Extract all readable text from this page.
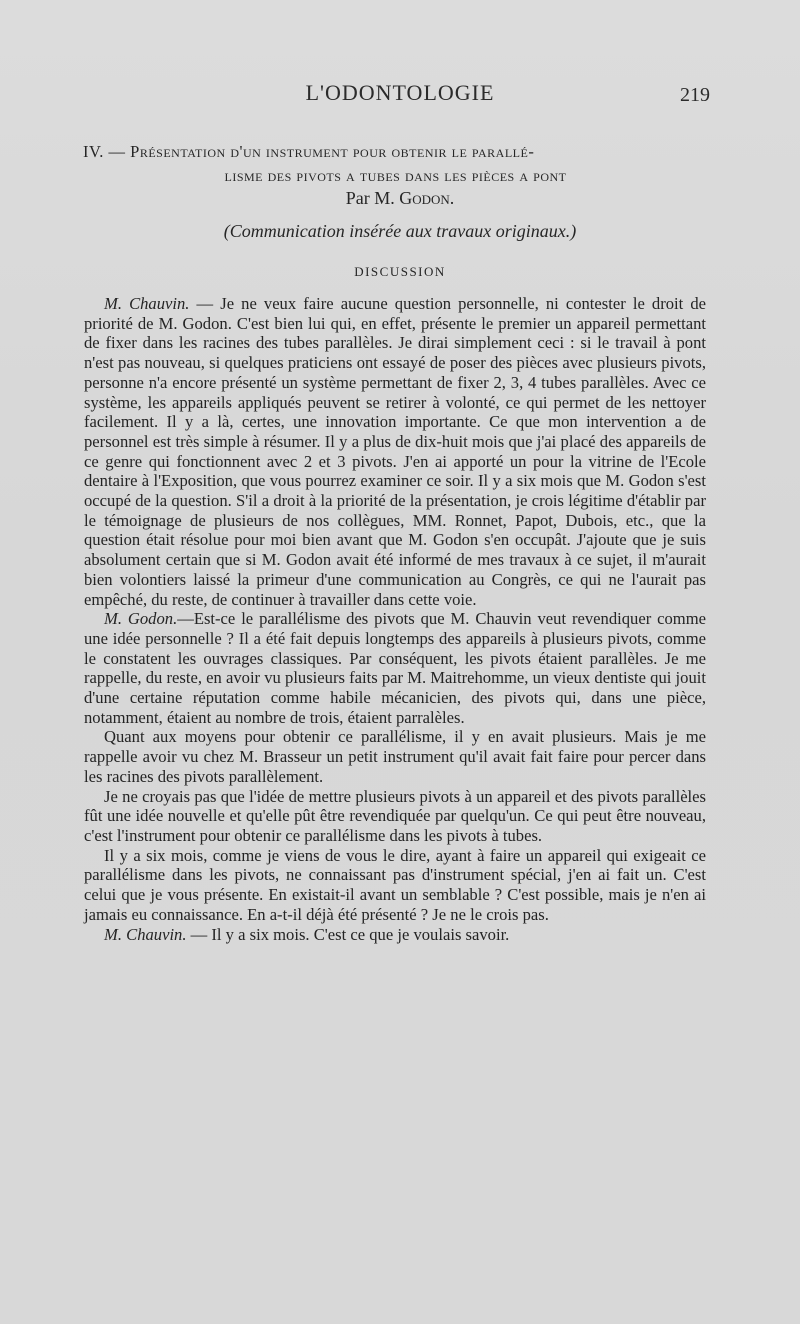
L'ODONTOLOGIE	219
IV. — Présentation d'un instrument pour obtenir le parallé-
lisme des pivots a tubes dans les pièces a pont
Par M. Godon.
(Communication insérée aux travaux originaux.)
DISCUSSION

M. Chauvin. — Je ne veux faire aucune question personnelle, ni contester le droit de priorité de M. Godon. C'est bien lui qui, en effet, présente le premier un appareil permettant de fixer dans les racines des tubes parallèles. Je dirai simplement ceci : si le travail à pont n'est pas nouveau, si quelques praticiens ont essayé de poser des pièces avec plusieurs pivots, personne n'a encore présenté un système permettant de fixer 2, 3, 4 tubes parallèles. Avec ce système, les appareils appliqués peuvent se retirer à volonté, ce qui permet de les nettoyer facilement. Il y a là, certes, une innovation importante. Ce que mon intervention a de personnel est très simple à résumer. Il y a plus de dix-huit mois que j'ai placé des appareils de ce genre qui fonctionnent avec 2 et 3 pivots. J'en ai apporté un pour la vitrine de l'Ecole dentaire à l'Exposition, que vous pourrez examiner ce soir. Il y a six mois que M. Godon s'est occupé de la question. S'il a droit à la priorité de la présentation, je crois légitime d'établir par le témoignage de plusieurs de nos collègues, MM. Ronnet, Papot, Dubois, etc., que la question était résolue pour moi bien avant que M. Godon s'en occupât. J'ajoute que je suis absolument certain que si M. Godon avait été informé de mes travaux à ce sujet, il m'aurait bien volontiers laissé la primeur d'une communication au Congrès, ce qui ne l'aurait pas empêché, du reste, de continuer à travailler dans cette voie.

M. Godon.—Est-ce le parallélisme des pivots que M. Chauvin veut revendiquer comme une idée personnelle ? Il a été fait depuis longtemps des appareils à plusieurs pivots, comme le constatent les ouvrages classiques. Par conséquent, les pivots étaient parallèles. Je me rappelle, du reste, en avoir vu plusieurs faits par M. Maitrehomme, un vieux dentiste qui jouit d'une certaine réputation comme habile mécanicien, des pivots qui, dans une pièce, notamment, étaient au nombre de trois, étaient parralèles.

Quant aux moyens pour obtenir ce parallélisme, il y en avait plusieurs. Mais je me rappelle avoir vu chez M. Brasseur un petit instrument qu'il avait fait faire pour percer dans les racines des pivots parallèlement.

Je ne croyais pas que l'idée de mettre plusieurs pivots à un appareil et des pivots parallèles fût une idée nouvelle et qu'elle pût être revendiquée par quelqu'un. Ce qui peut être nouveau, c'est l'instrument pour obtenir ce parallélisme dans les pivots à tubes.

Il y a six mois, comme je viens de vous le dire, ayant à faire un appareil qui exigeait ce parallélisme dans les pivots, ne connaissant pas d'instrument spécial, j'en ai fait un. C'est celui que je vous présente. En existait-il avant un semblable ? C'est possible, mais je n'en ai jamais eu connaissance. En a-t-il déjà été présenté ? Je ne le crois pas.

M. Chauvin. — Il y a six mois. C'est ce que je voulais savoir.
